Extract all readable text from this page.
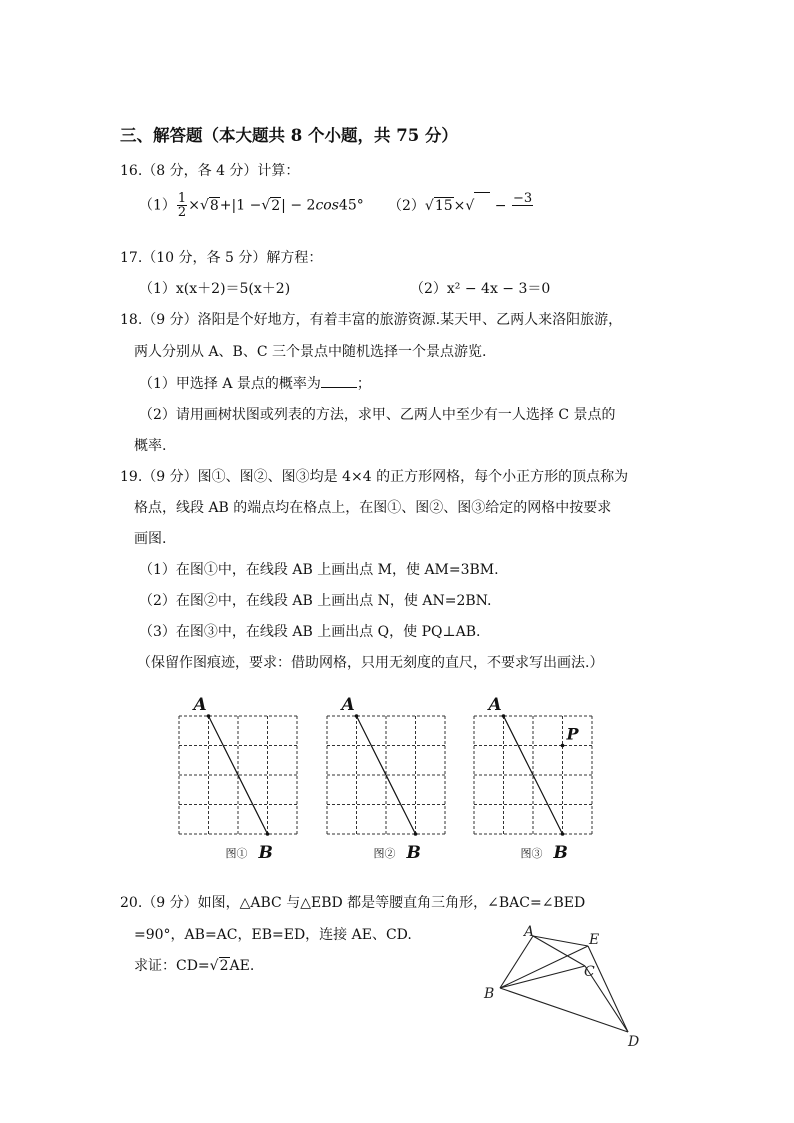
三、解答题（本大题共 8 个小题，共 75 分）
16.（8 分，各 4 分）计算：
$(1) \frac{1}{2} \times√8+|1 -√2| - 2\cos 45^\circ$ （2）√15×√ − −3
17.（10 分，各 5 分）解方程：
（1）x(x＋2)＝5(x＋2)	（2）x² − 4x − 3＝0
18.（9 分）洛阳是个好地方，有着丰富的旅游资源.某天甲、乙两人来洛阳旅游，
两人分别从 A、B、C 三个景点中随机选择一个景点游览.
（1）甲选择 A 景点的概率为	；
（2）请用画树状图或列表的方法，求甲、乙两人中至少有一人选择 C 景点的
概率.
19.（9 分）图①、图②、图③均是 4×4 的正方形网格，每个小正方形的顶点称为
格点，线段 AB 的端点均在格点上，在图①、图②、图③给定的网格中按要求
画图.
（1）在图①中，在线段 AB 上画出点 M，使 AM=3BM.
（2）在图②中，在线段 AB 上画出点 N，使 AN=2BN.
（3）在图③中，在线段 AB 上画出点 Q，使 PQ⊥AB.
（保留作图痕迹，要求：借助网格，只用无刻度的直尺，不要求写出画法.）
A
B
图①
A
B
图②
A
B
图③
P
20.（9 分）如图，△ABC 与△EBD 都是等腰直角三角形，∠BAC=∠BED
=90°，AB=AC，EB=ED，连接 AE、CD.
求证：CD=√2AE.
A	E
C
B
D
